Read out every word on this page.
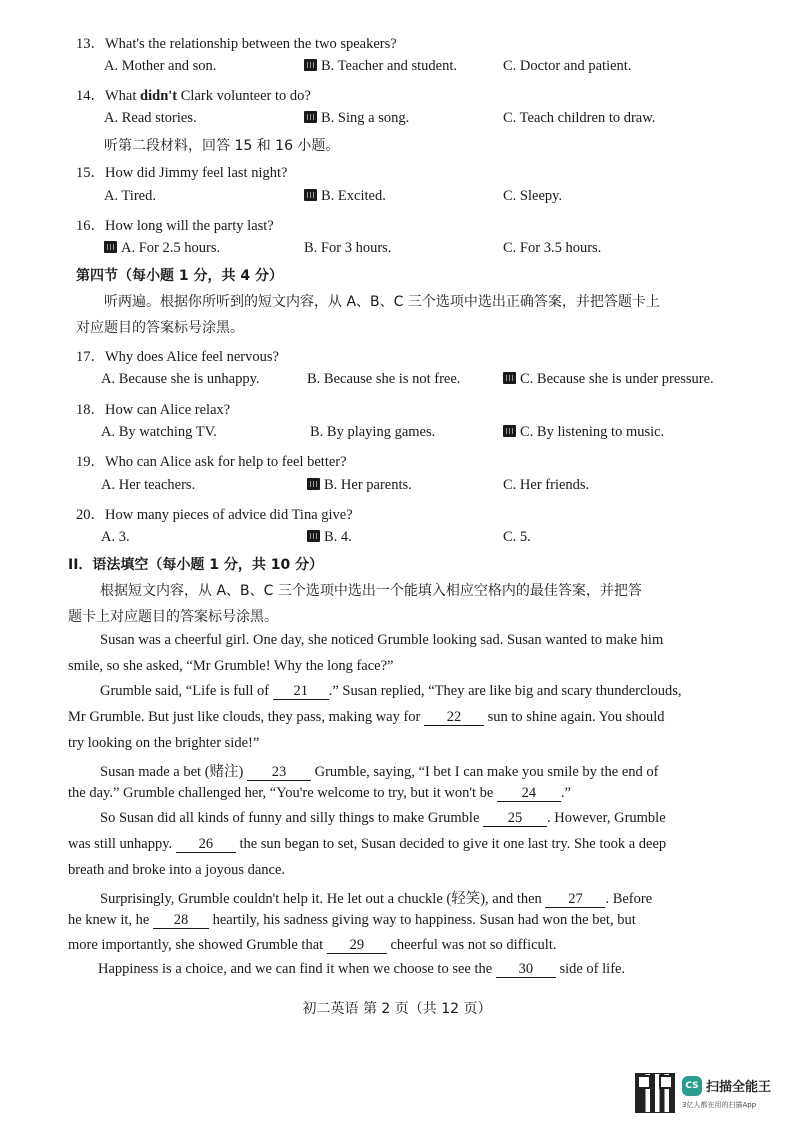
13．What's the relationship between the two speakers?
A. Mother and son.	B. Teacher and student.	C. Doctor and patient.
14．What didn't Clark volunteer to do?
A. Read stories.	B. Sing a song.	C. Teach children to draw.
听第二段材料，回答 15 和 16 小题。
15．How did Jimmy feel last night?
A. Tired.	B. Excited.	C. Sleepy.
16．How long will the party last?
A. For 2.5 hours.	B. For 3 hours.	C. For 3.5 hours.
第四节（每小题 1 分，共 4 分）
听两遍。根据你所听到的短文内容，从 A、B、C 三个选项中选出正确答案，并把答题卡上
对应题目的答案标号涂黑。
17．Why does Alice feel nervous?
A. Because she is unhappy.	B. Because she is not free.	C. Because she is under pressure.
18．How can Alice relax?
A. By watching TV.	B. By playing games.	C. By listening to music.
19．Who can Alice ask for help to feel better?
A. Her teachers.	B. Her parents.	C. Her friends.
20．How many pieces of advice did Tina give?
A. 3.	B. 4.	C. 5.
II．语法填空（每小题 1 分，共 10 分）
根据短文内容，从 A、B、C 三个选项中选出一个能填入相应空格内的最佳答案，并把答
题卡上对应题目的答案标号涂黑。
Susan was a cheerful girl. One day, she noticed Grumble looking sad. Susan wanted to make him
smile, so she asked, “Mr Grumble! Why the long face?”
Grumble said, “Life is full of 21 .” Susan replied, “They are like big and scary thunderclouds,
Mr Grumble. But just like clouds, they pass, making way for 22 sun to shine again. You should
try looking on the brighter side!”
Susan made a bet (赌注) 23 Grumble, saying, “I bet I can make you smile by the end of
the day.” Grumble challenged her, “You're welcome to try, but it won't be 24 .”
So Susan did all kinds of funny and silly things to make Grumble 25 . However, Grumble
was still unhappy. 26 the sun began to set, Susan decided to give it one last try. She took a deep
breath and broke into a joyous dance.
Surprisingly, Grumble couldn't help it. He let out a chuckle (轻笑), and then 27 . Before
he knew it, he 28 heartily, his sadness giving way to happiness. Susan had won the bet, but
more importantly, she showed Grumble that 29 cheerful was not so difficult.
Happiness is a choice, and we can find it when we choose to see the 30 side of life.
初二英语 第 2 页（共 12 页）
CS 扫描全能王
3亿人都在用的扫描App
